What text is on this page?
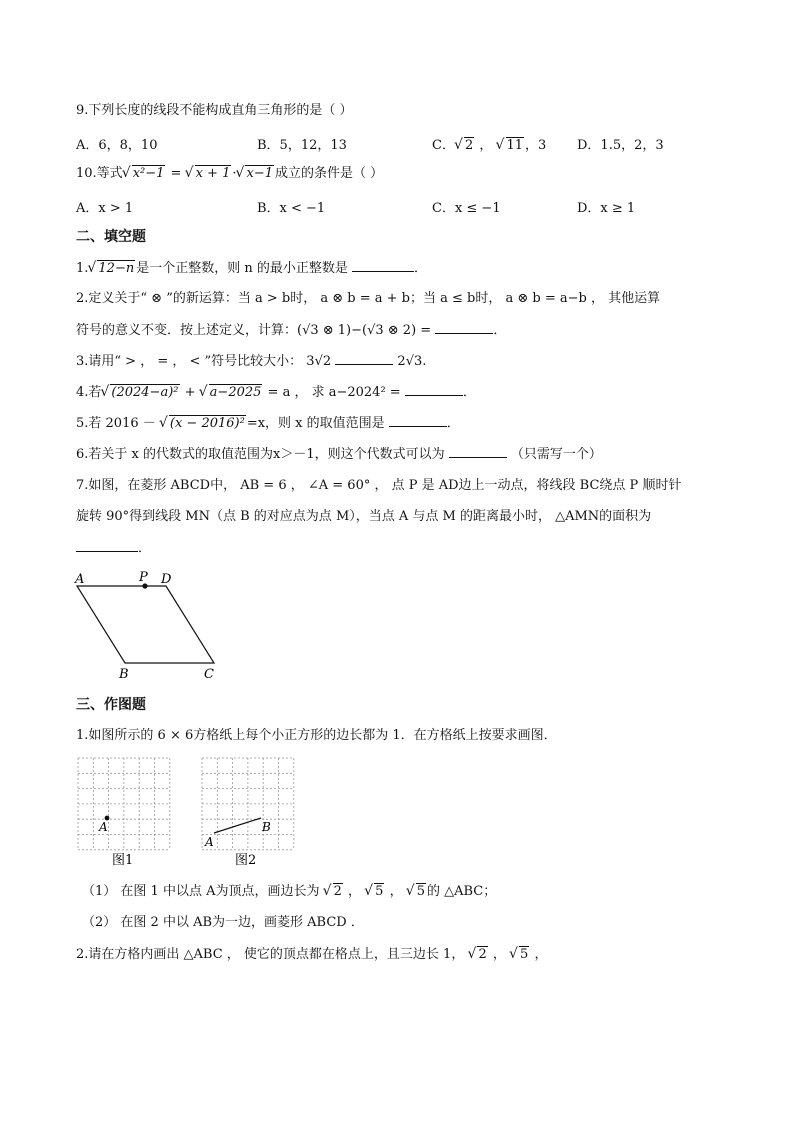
9.下列长度的线段不能构成直角三角形的是（ ）
A．6，8，10	B．5，12，13	C． √ 2 ， √ 11 ，3 D．1.5，2，3
10.等式 √ x²−1 = √ x + 1 · √ x−1 成立的条件是（ ）
A．x > 1	B．x < −1	C．x ≤ −1	D．x ≥ 1
二、填空题
1. √ 12−n 是一个正整数，则 n 的最小正整数是	．
2.定义关于“ ⊗ ”的新运算：当 a > b时， a ⊗ b = a + b；当 a ≤ b时， a ⊗ b = a−b ， 其他运算
符号的意义不变．按上述定义，计算：(√3 ⊗ 1)−(√3 ⊗ 2) =	．
3.请用“ > ， = ， < ”符号比较大小： 3√2	2√3.
4.若 √ (2024−a)² + √ a−2025 = a ， 求 a−2024² =	．
5.若 2016 － √ (x − 2016)² =x，则 x 的取值范围是	．
6.若关于 x 的代数式的取值范围为x＞－1，则这个代数式可以为	（只需写一个）
7.如图，在菱形 ABCD中， AB = 6 ， ∠A = 60° ， 点 P 是 AD边上一动点，将线段 BC绕点 P 顺时针
旋转 90°得到线段 MN（点 B 的对应点为点 M），当点 A 与点 M 的距离最小时， △AMN的面积为
．
A	P D
B	C
三、作图题
1.如图所示的 6 × 6方格纸上每个小正方形的边长都为 1．在方格纸上按要求画图．
A
图1
A
B
图2
（1） 在图 1 中以点 A为顶点，画边长为 √ 2 ， √ 5 ， √ 5 的 △ABC；
（2） 在图 2 中以 AB为一边，画菱形 ABCD ．
2.请在方格内画出 △ABC ， 使它的顶点都在格点上，且三边长 1， √ 2 ， √ 5 ，
